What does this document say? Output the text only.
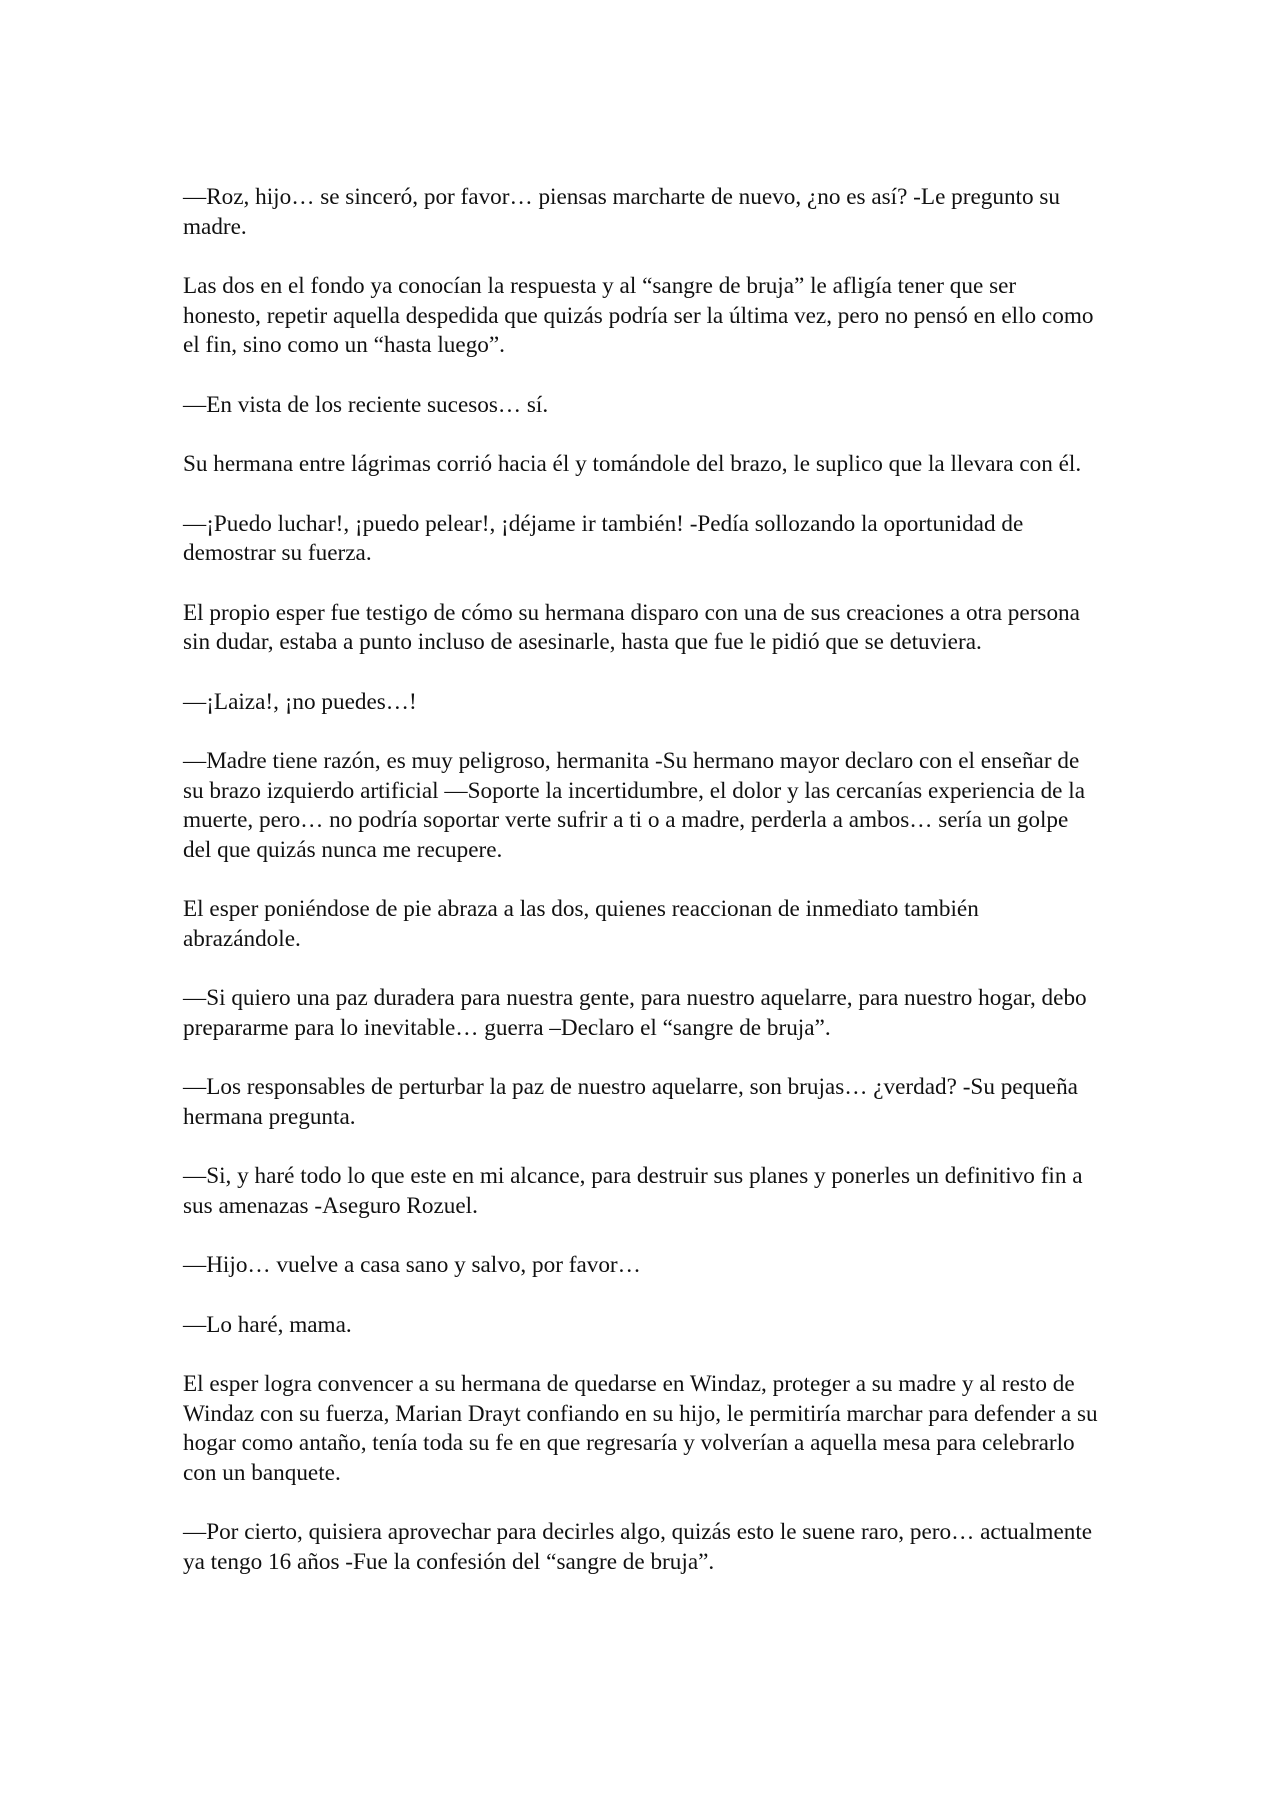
—Roz, hijo… se sinceró, por favor… piensas marcharte de nuevo, ¿no es así? -Le pregunto su madre.

Las dos en el fondo ya conocían la respuesta y al “sangre de bruja” le afligía tener que ser honesto, repetir aquella despedida que quizás podría ser la última vez, pero no pensó en ello como el fin, sino como un “hasta luego”.

—En vista de los reciente sucesos… sí.

Su hermana entre lágrimas corrió hacia él y tomándole del brazo, le suplico que la llevara con él.

—¡Puedo luchar!, ¡puedo pelear!, ¡déjame ir también! -Pedía sollozando la oportunidad de demostrar su fuerza.

El propio esper fue testigo de cómo su hermana disparo con una de sus creaciones a otra persona sin dudar, estaba a punto incluso de asesinarle, hasta que fue le pidió que se detuviera.

—¡Laiza!, ¡no puedes…!

—Madre tiene razón, es muy peligroso, hermanita -Su hermano mayor declaro con el enseñar de su brazo izquierdo artificial —Soporte la incertidumbre, el dolor y las cercanías experiencia de la muerte, pero… no podría soportar verte sufrir a ti o a madre, perderla a ambos… sería un golpe del que quizás nunca me recupere.

El esper poniéndose de pie abraza a las dos, quienes reaccionan de inmediato también abrazándole.

—Si quiero una paz duradera para nuestra gente, para nuestro aquelarre, para nuestro hogar, debo prepararme para lo inevitable… guerra –Declaro el “sangre de bruja”.

—Los responsables de perturbar la paz de nuestro aquelarre, son brujas… ¿verdad? -Su pequeña hermana pregunta.

—Si, y haré todo lo que este en mi alcance, para destruir sus planes y ponerles un definitivo fin a sus amenazas -Aseguro Rozuel.

—Hijo… vuelve a casa sano y salvo, por favor…

—Lo haré, mama.

El esper logra convencer a su hermana de quedarse en Windaz, proteger a su madre y al resto de Windaz con su fuerza, Marian Drayt confiando en su hijo, le permitiría marchar para defender a su hogar como antaño, tenía toda su fe en que regresaría y volverían a aquella mesa para celebrarlo con un banquete.

—Por cierto, quisiera aprovechar para decirles algo, quizás esto le suene raro, pero… actualmente ya tengo 16 años -Fue la confesión del “sangre de bruja”.
